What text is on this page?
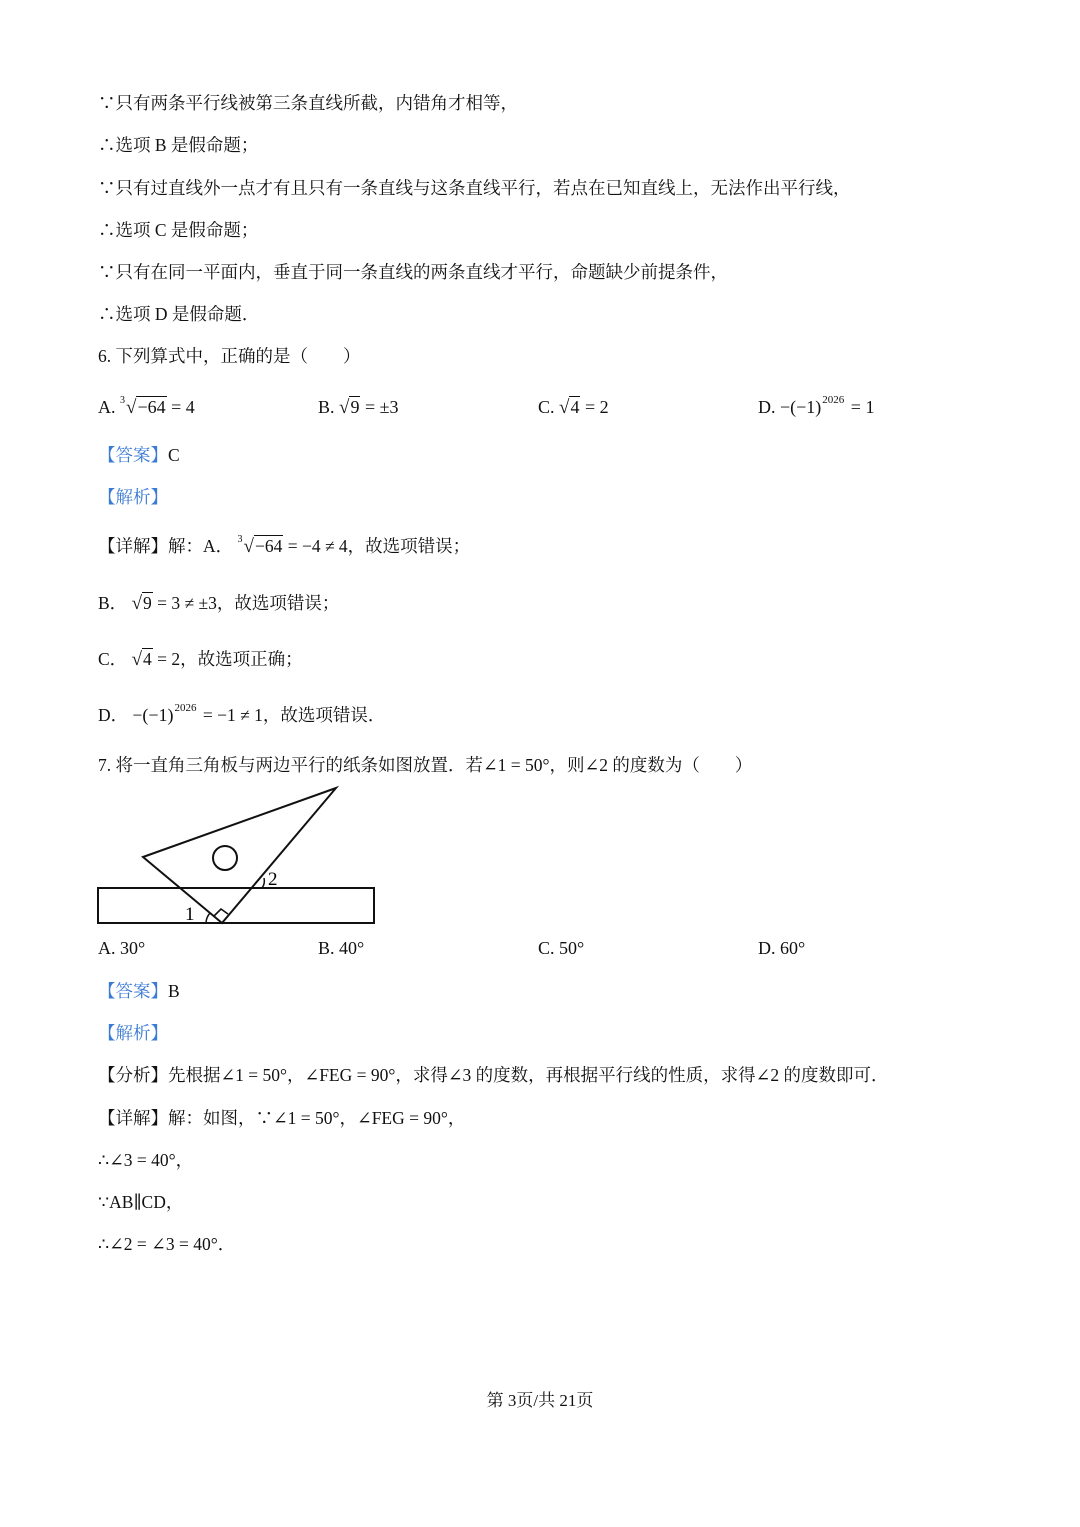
∵只有两条平行线被第三条直线所截，内错角才相等，
∴选项 B 是假命题；
∵只有过直线外一点才有且只有一条直线与这条直线平行，若点在已知直线上，无法作出平行线，
∴选项 C 是假命题；
∵只有在同一平面内，垂直于同一条直线的两条直线才平行，命题缺少前提条件，
∴选项 D 是假命题．
6. 下列算式中，正确的是（　　）
A. $^3$√−64 = 4	B. √9 = ±3	C. √4 = 2	D. $-(-1)^{2026} = 1$
【答案】C
【解析】
【详解】解：A． $^3$√−64 = −4 ≠ 4，故选项错误；
B． √9 = 3 ≠ ±3，故选项错误；
C． √4 = 2，故选项正确；
D． $-(-1)^{2026} = -1 \ne 1$，故选项错误．
7. 将一直角三角板与两边平行的纸条如图放置．若∠1 = 50°，则∠2 的度数为（　　）
1
2
A. 30°	B. 40°	C. 50°	D. 60°
【答案】B
【解析】
【分析】先根据∠1 = 50°，∠FEG = 90°，求得∠3 的度数，再根据平行线的性质，求得∠2 的度数即可．
【详解】解：如图，∵∠1 = 50°，∠FEG = 90°，
∴∠3 = 40°，
∵AB∥CD，
∴∠2 = ∠3 = 40°．
第 3页/共 21页
